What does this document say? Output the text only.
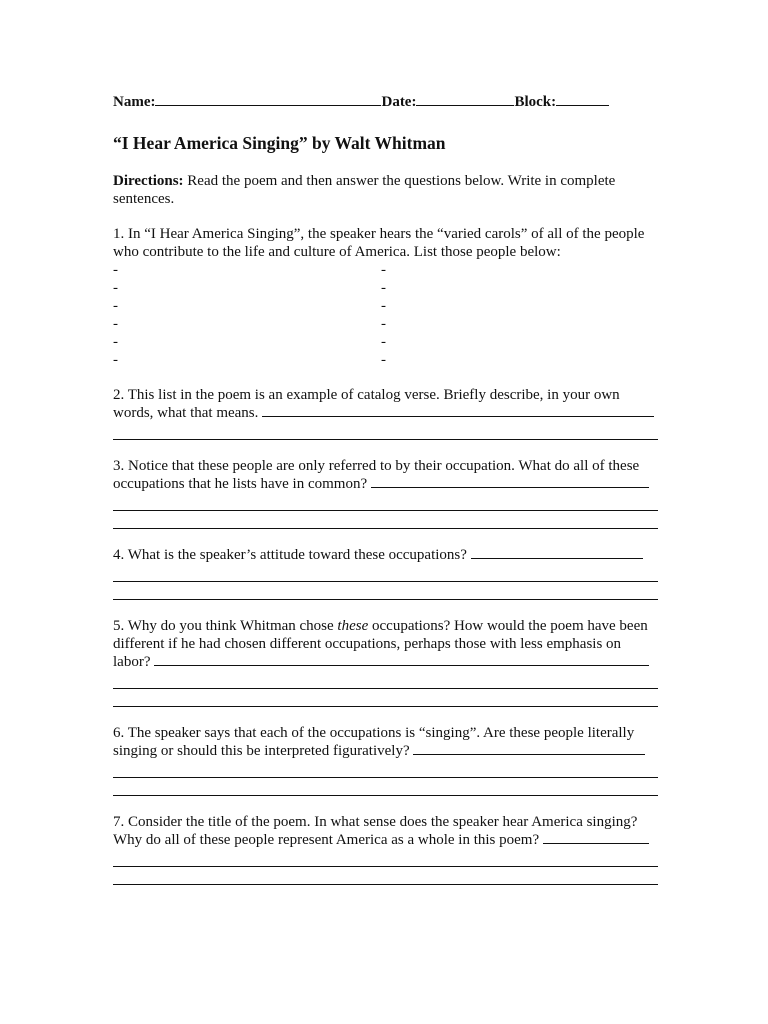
Name:	Date:	Block:
“I Hear America Singing” by Walt Whitman
Directions: Read the poem and then answer the questions below. Write in complete sentences.

1. In “I Hear America Singing”, the speaker hears the “varied carols” of all of the people who contribute to the life and culture of America. List those people below:

-	-
-	-
-	-
-	-
-	-
-	-

2. This list in the poem is an example of catalog verse. Briefly describe, in your own words, what that means.

3. Notice that these people are only referred to by their occupation. What do all of these occupations that he lists have in common?

4. What is the speaker’s attitude toward these occupations?

5. Why do you think Whitman chose these occupations? How would the poem have been different if he had chosen different occupations, perhaps those with less emphasis on labor?

6. The speaker says that each of the occupations is “singing”. Are these people literally singing or should this be interpreted figuratively?

7. Consider the title of the poem. In what sense does the speaker hear America singing? Why do all of these people represent America as a whole in this poem?
